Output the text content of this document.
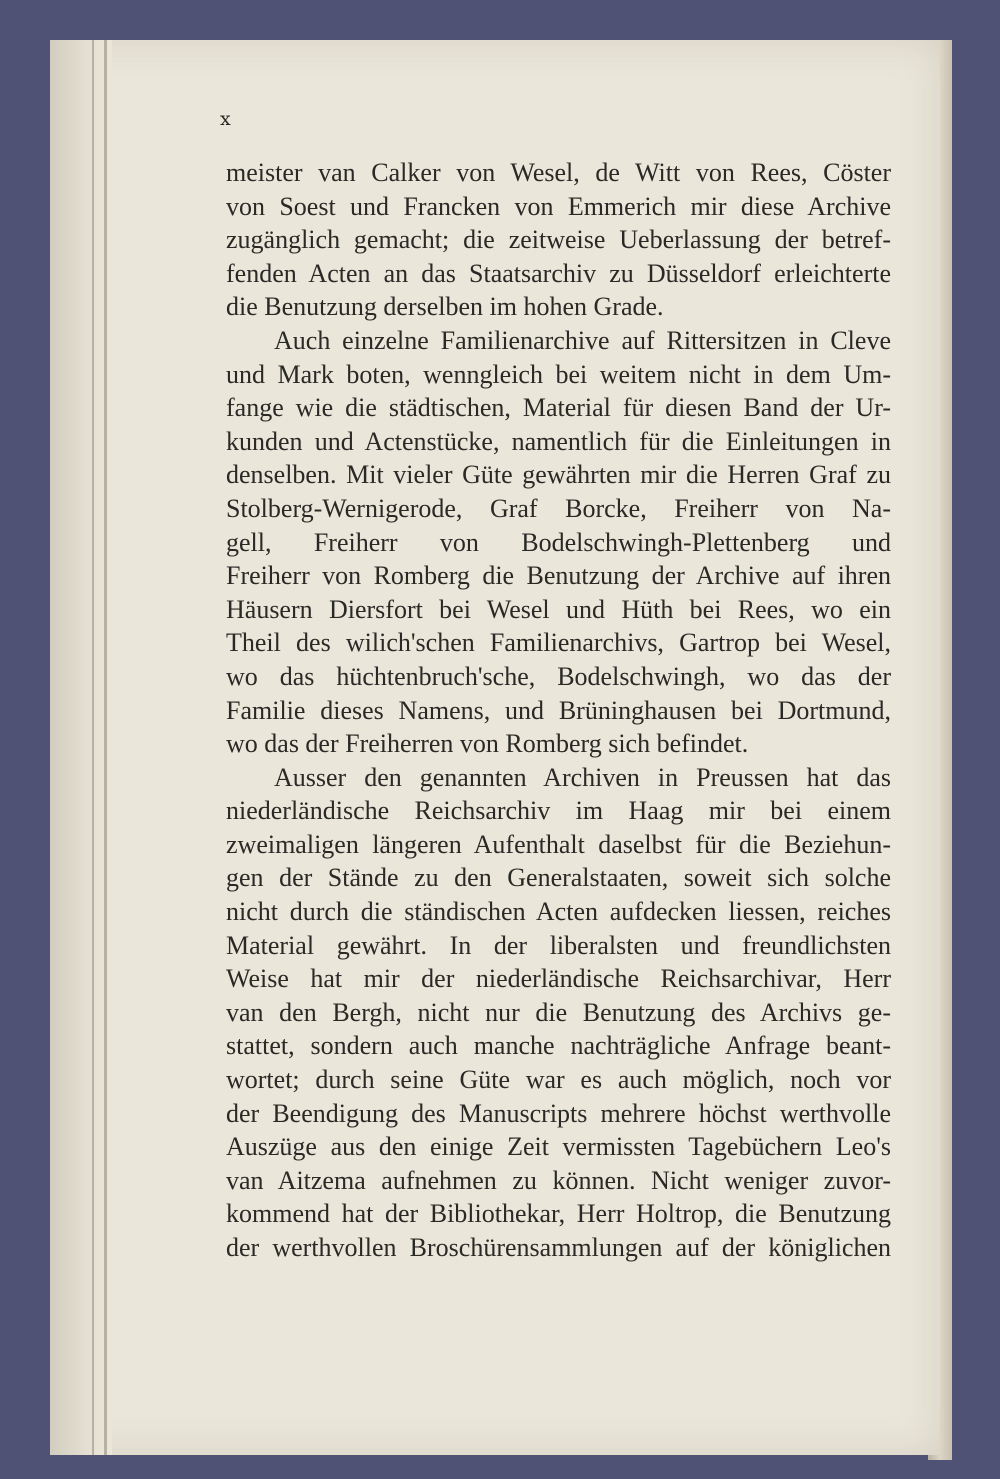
x
meister van Calker von Wesel, de Witt von Rees, Cöster
von Soest und Francken von Emmerich mir diese Archive
zugänglich gemacht; die zeitweise Ueberlassung der betref-
fenden Acten an das Staatsarchiv zu Düsseldorf erleichterte
die Benutzung derselben im hohen Grade.
Auch einzelne Familienarchive auf Rittersitzen in Cleve
und Mark boten, wenngleich bei weitem nicht in dem Um-
fange wie die städtischen, Material für diesen Band der Ur-
kunden und Actenstücke, namentlich für die Einleitungen in
denselben. Mit vieler Güte gewährten mir die Herren Graf zu
Stolberg-Wernigerode, Graf Borcke, Freiherr von Na-
gell, Freiherr von Bodelschwingh-Plettenberg und
Freiherr von Romberg die Benutzung der Archive auf ihren
Häusern Diersfort bei Wesel und Hüth bei Rees, wo ein
Theil des wilich'schen Familienarchivs, Gartrop bei Wesel,
wo das hüchtenbruch'sche, Bodelschwingh, wo das der
Familie dieses Namens, und Brüninghausen bei Dortmund,
wo das der Freiherren von Romberg sich befindet.
Ausser den genannten Archiven in Preussen hat das
niederländische Reichsarchiv im Haag mir bei einem
zweimaligen längeren Aufenthalt daselbst für die Beziehun-
gen der Stände zu den Generalstaaten, soweit sich solche
nicht durch die ständischen Acten aufdecken liessen, reiches
Material gewährt. In der liberalsten und freundlichsten
Weise hat mir der niederländische Reichsarchivar, Herr
van den Bergh, nicht nur die Benutzung des Archivs ge-
stattet, sondern auch manche nachträgliche Anfrage beant-
wortet; durch seine Güte war es auch möglich, noch vor
der Beendigung des Manuscripts mehrere höchst werthvolle
Auszüge aus den einige Zeit vermissten Tagebüchern Leo's
van Aitzema aufnehmen zu können. Nicht weniger zuvor-
kommend hat der Bibliothekar, Herr Holtrop, die Benutzung
der werthvollen Broschürensammlungen auf der königlichen
